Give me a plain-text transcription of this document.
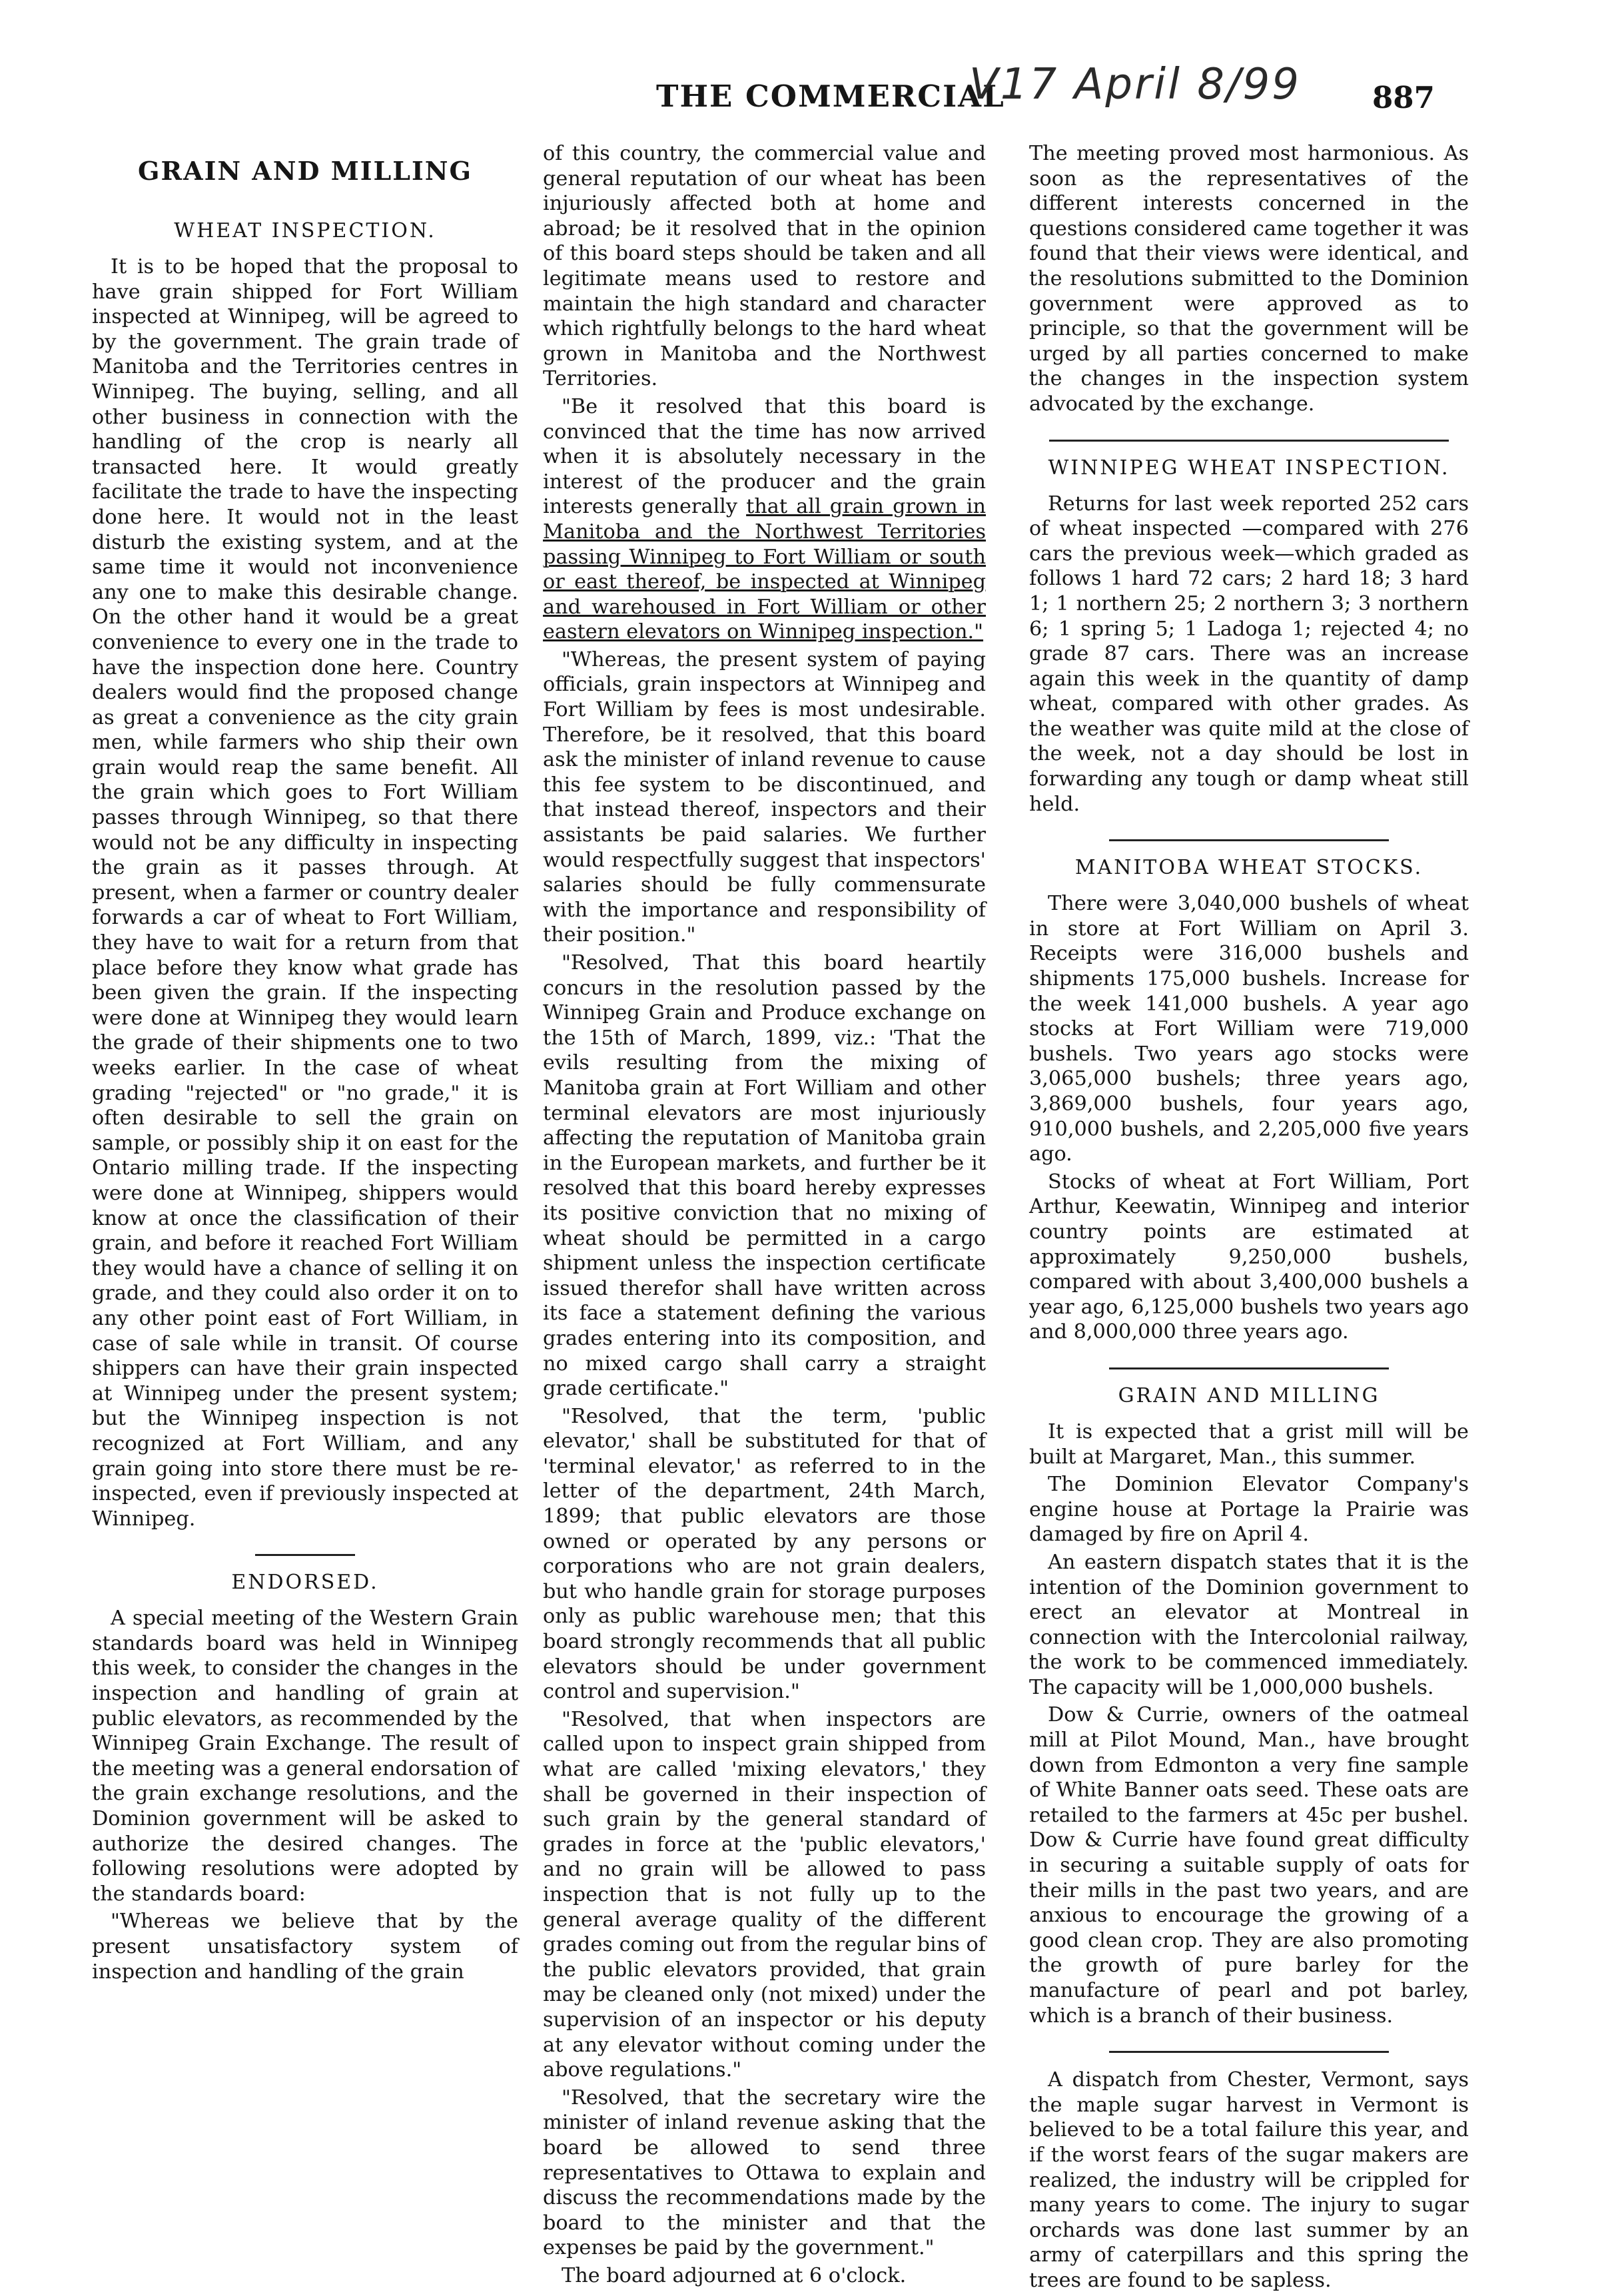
THE COMMERCIAL
V17 April 8/99 887
GRAIN AND MILLING
WHEAT INSPECTION.

It is to be hoped that the proposal to have grain shipped for Fort William inspected at Winnipeg, will be agreed to by the government. The grain trade of Manitoba and the Territories centres in Winnipeg. The buying, selling, and all other business in connection with the handling of the crop is nearly all transacted here. It would greatly facilitate the trade to have the inspecting done here. It would not in the least disturb the existing system, and at the same time it would not inconvenience any one to make this desirable change. On the other hand it would be a great convenience to every one in the trade to have the inspection done here. Country dealers would find the proposed change as great a convenience as the city grain men, while farmers who ship their own grain would reap the same benefit. All the grain which goes to Fort William passes through Winnipeg, so that there would not be any difficulty in inspecting the grain as it passes through. At present, when a farmer or country dealer forwards a car of wheat to Fort William, they have to wait for a return from that place before they know what grade has been given the grain. If the inspecting were done at Winnipeg they would learn the grade of their shipments one to two weeks earlier. In the case of wheat grading "rejected" or "no grade," it is often desirable to sell the grain on sample, or possibly ship it on east for the Ontario milling trade. If the inspecting were done at Winnipeg, shippers would know at once the classification of their grain, and before it reached Fort William they would have a chance of selling it on grade, and they could also order it on to any other point east of Fort William, in case of sale while in transit. Of course shippers can have their grain inspected at Winnipeg under the present system; but the Winnipeg inspection is not recognized at Fort William, and any grain going into store there must be re-inspected, even if previously inspected at Winnipeg.

ENDORSED.

A special meeting of the Western Grain standards board was held in Winnipeg this week, to consider the changes in the inspection and handling of grain at public elevators, as recommended by the Winnipeg Grain Exchange. The result of the meeting was a general endorsation of the grain exchange resolutions, and the Dominion government will be asked to authorize the desired changes. The following resolutions were adopted by the standards board:

"Whereas we believe that by the present unsatisfactory system of inspection and handling of the grain

of this country, the commercial value and general reputation of our wheat has been injuriously affected both at home and abroad; be it resolved that in the opinion of this board steps should be taken and all legitimate means used to restore and maintain the high standard and character which rightfully belongs to the hard wheat grown in Manitoba and the Northwest Territories.

"Be it resolved that this board is convinced that the time has now arrived when it is absolutely necessary in the interest of the producer and the grain interests generally that all grain grown in Manitoba and the Northwest Territories passing Winnipeg to Fort William or south or east thereof, be inspected at Winnipeg and warehoused in Fort William or other eastern elevators on Winnipeg inspection."

"Whereas, the present system of paying officials, grain inspectors at Winnipeg and Fort William by fees is most undesirable. Therefore, be it resolved, that this board ask the minister of inland revenue to cause this fee system to be discontinued, and that instead thereof, inspectors and their assistants be paid salaries. We further would respectfully suggest that inspectors' salaries should be fully commensurate with the importance and responsibility of their position."

"Resolved, That this board heartily concurs in the resolution passed by the Winnipeg Grain and Produce exchange on the 15th of March, 1899, viz.: 'That the evils resulting from the mixing of Manitoba grain at Fort William and other terminal elevators are most injuriously affecting the reputation of Manitoba grain in the European markets, and further be it resolved that this board hereby expresses its positive conviction that no mixing of wheat should be permitted in a cargo shipment unless the inspection certificate issued therefor shall have written across its face a statement defining the various grades entering into its composition, and no mixed cargo shall carry a straight grade certificate."

"Resolved, that the term, 'public elevator,' shall be substituted for that of 'terminal elevator,' as referred to in the letter of the department, 24th March, 1899; that public elevators are those owned or operated by any persons or corporations who are not grain dealers, but who handle grain for storage purposes only as public warehouse men; that this board strongly recommends that all public elevators should be under government control and supervision."

"Resolved, that when inspectors are called upon to inspect grain shipped from what are called 'mixing elevators,' they shall be governed in their inspection of such grain by the general standard of grades in force at the 'public elevators,' and no grain will be allowed to pass inspection that is not fully up to the general average quality of the different grades coming out from the regular bins of the public elevators provided, that grain may be cleaned only (not mixed) under the supervision of an inspector or his deputy at any elevator without coming under the above regulations."

"Resolved, that the secretary wire the minister of inland revenue asking that the board be allowed to send three representatives to Ottawa to explain and discuss the recommendations made by the board to the minister and that the expenses be paid by the government."

The board adjourned at 6 o'clock.

The meeting proved most harmonious. As soon as the representatives of the different interests concerned in the questions considered came together it was found that their views were identical, and the resolutions submitted to the Dominion government were approved as to principle, so that the government will be urged by all parties concerned to make the changes in the inspection system advocated by the exchange.

WINNIPEG WHEAT INSPECTION.

Returns for last week reported 252 cars of wheat inspected —compared with 276 cars the previous week—which graded as follows 1 hard 72 cars; 2 hard 18; 3 hard 1; 1 northern 25; 2 northern 3; 3 northern 6; 1 spring 5; 1 Ladoga 1; rejected 4; no grade 87 cars. There was an increase again this week in the quantity of damp wheat, compared with other grades. As the weather was quite mild at the close of the week, not a day should be lost in forwarding any tough or damp wheat still held.

MANITOBA WHEAT STOCKS.

There were 3,040,000 bushels of wheat in store at Fort William on April 3. Receipts were 316,000 bushels and shipments 175,000 bushels. Increase for the week 141,000 bushels. A year ago stocks at Fort William were 719,000 bushels. Two years ago stocks were 3,065,000 bushels; three years ago, 3,869,000 bushels, four years ago, 910,000 bushels, and 2,205,000 five years ago.

Stocks of wheat at Fort William, Port Arthur, Keewatin, Winnipeg and interior country points are estimated at approximately 9,250,000 bushels, compared with about 3,400,000 bushels a year ago, 6,125,000 bushels two years ago and 8,000,000 three years ago.

GRAIN AND MILLING

It is expected that a grist mill will be built at Margaret, Man., this summer.

The Dominion Elevator Company's engine house at Portage la Prairie was damaged by fire on April 4.

An eastern dispatch states that it is the intention of the Dominion government to erect an elevator at Montreal in connection with the Intercolonial railway, the work to be commenced immediately. The capacity will be 1,000,000 bushels.

Dow & Currie, owners of the oatmeal mill at Pilot Mound, Man., have brought down from Edmonton a very fine sample of White Banner oats seed. These oats are retailed to the farmers at 45c per bushel. Dow & Currie have found great difficulty in securing a suitable supply of oats for their mills in the past two years, and are anxious to encourage the growing of a good clean crop. They are also promoting the growth of pure barley for the manufacture of pearl and pot barley, which is a branch of their business.

A dispatch from Chester, Vermont, says the maple sugar harvest in Vermont is believed to be a total failure this year, and if the worst fears of the sugar makers are realized, the industry will be crippled for many years to come. The injury to sugar orchards was done last summer by an army of caterpillars and this spring the trees are found to be sapless.
